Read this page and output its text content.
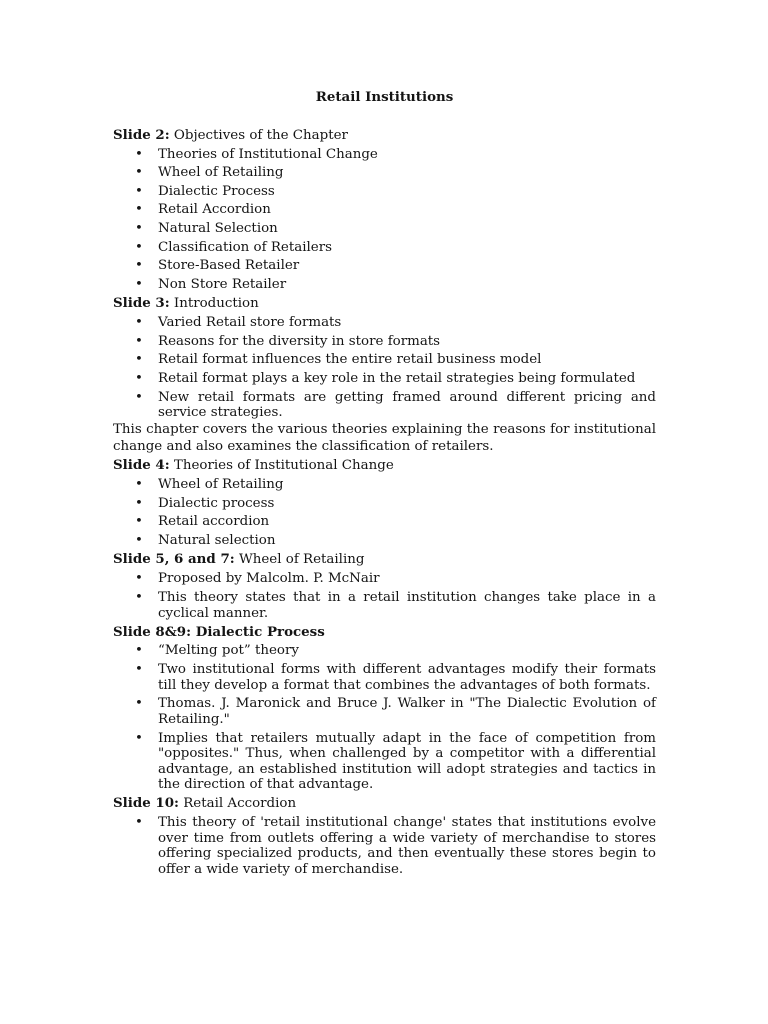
Retail Institutions
Slide 2: Objectives of the Chapter
• Theories of Institutional Change
• Wheel of Retailing
• Dialectic Process
• Retail Accordion
• Natural Selection
• Classification of Retailers
• Store-Based Retailer
• Non Store Retailer
Slide 3: Introduction
• Varied Retail store formats
• Reasons for the diversity in store formats
• Retail format influences the entire retail business model
• Retail format plays a key role in the retail strategies being formulated
• New retail formats are getting framed around different pricing and service strategies.

This chapter covers the various theories explaining the reasons for institutional change and also examines the classification of retailers.

Slide 4: Theories of Institutional Change
• Wheel of Retailing
• Dialectic process
• Retail accordion
• Natural selection
Slide 5, 6 and 7: Wheel of Retailing
• Proposed by Malcolm. P. McNair
• This theory states that in a retail institution changes take place in a cyclical manner.
Slide 8&9: Dialectic Process
• “Melting pot” theory
• Two institutional forms with different advantages modify their formats till they develop a format that combines the advantages of both formats.
• Thomas. J. Maronick and Bruce J. Walker in "The Dialectic Evolution of Retailing."
• Implies that retailers mutually adapt in the face of competition from "opposites." Thus, when challenged by a competitor with a differential advantage, an established institution will adopt strategies and tactics in the direction of that advantage.
Slide 10: Retail Accordion
• This theory of 'retail institutional change' states that institutions evolve over time from outlets offering a wide variety of merchandise to stores offering specialized products, and then eventually these stores begin to offer a wide variety of merchandise.
